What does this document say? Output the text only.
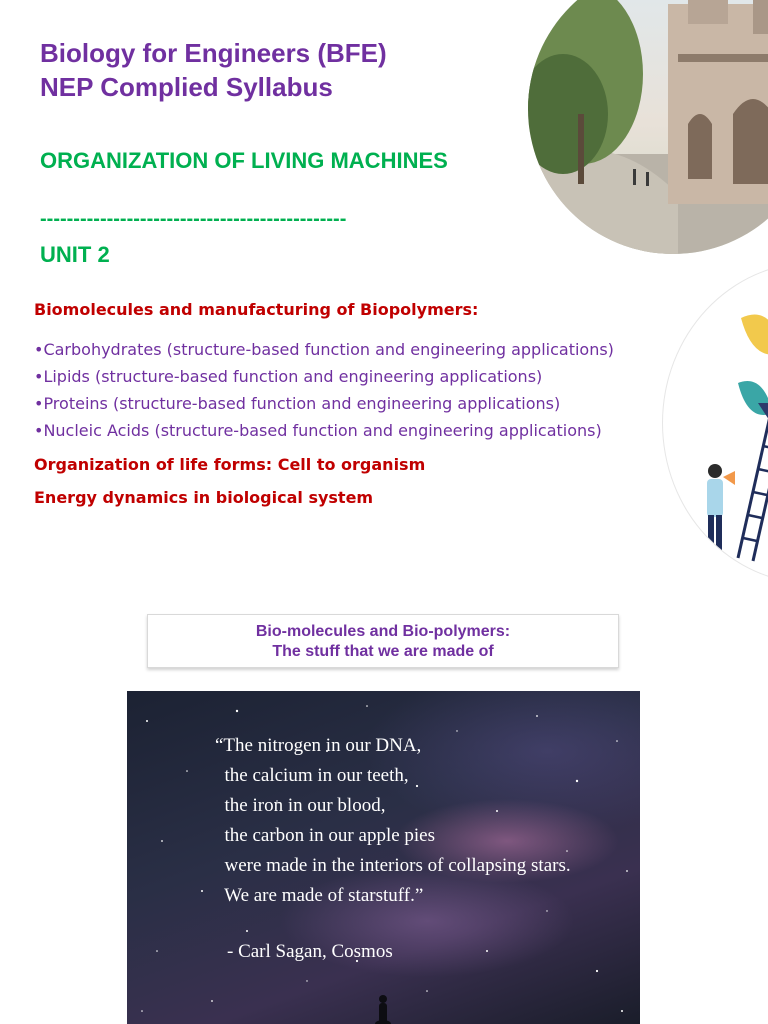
Biology for Engineers (BFE)
NEP Complied Syllabus
ORGANIZATION OF LIVING MACHINES
----------------------------------------------
UNIT 2
Biomolecules and manufacturing of Biopolymers:
•Carbohydrates (structure-based function and engineering applications)
•Lipids (structure-based function and engineering applications)
•Proteins (structure-based function and engineering applications)
•Nucleic Acids (structure-based function and engineering applications)
Organization of life forms: Cell to organism
Energy dynamics in biological system
Bio-molecules and Bio-polymers:
The stuff that we are made of
“The nitrogen in our DNA,
the calcium in our teeth,
the iron in our blood,
the carbon in our apple pies
were made in the interiors of collapsing stars.
We are made of starstuff.”
- Carl Sagan, Cosmos
